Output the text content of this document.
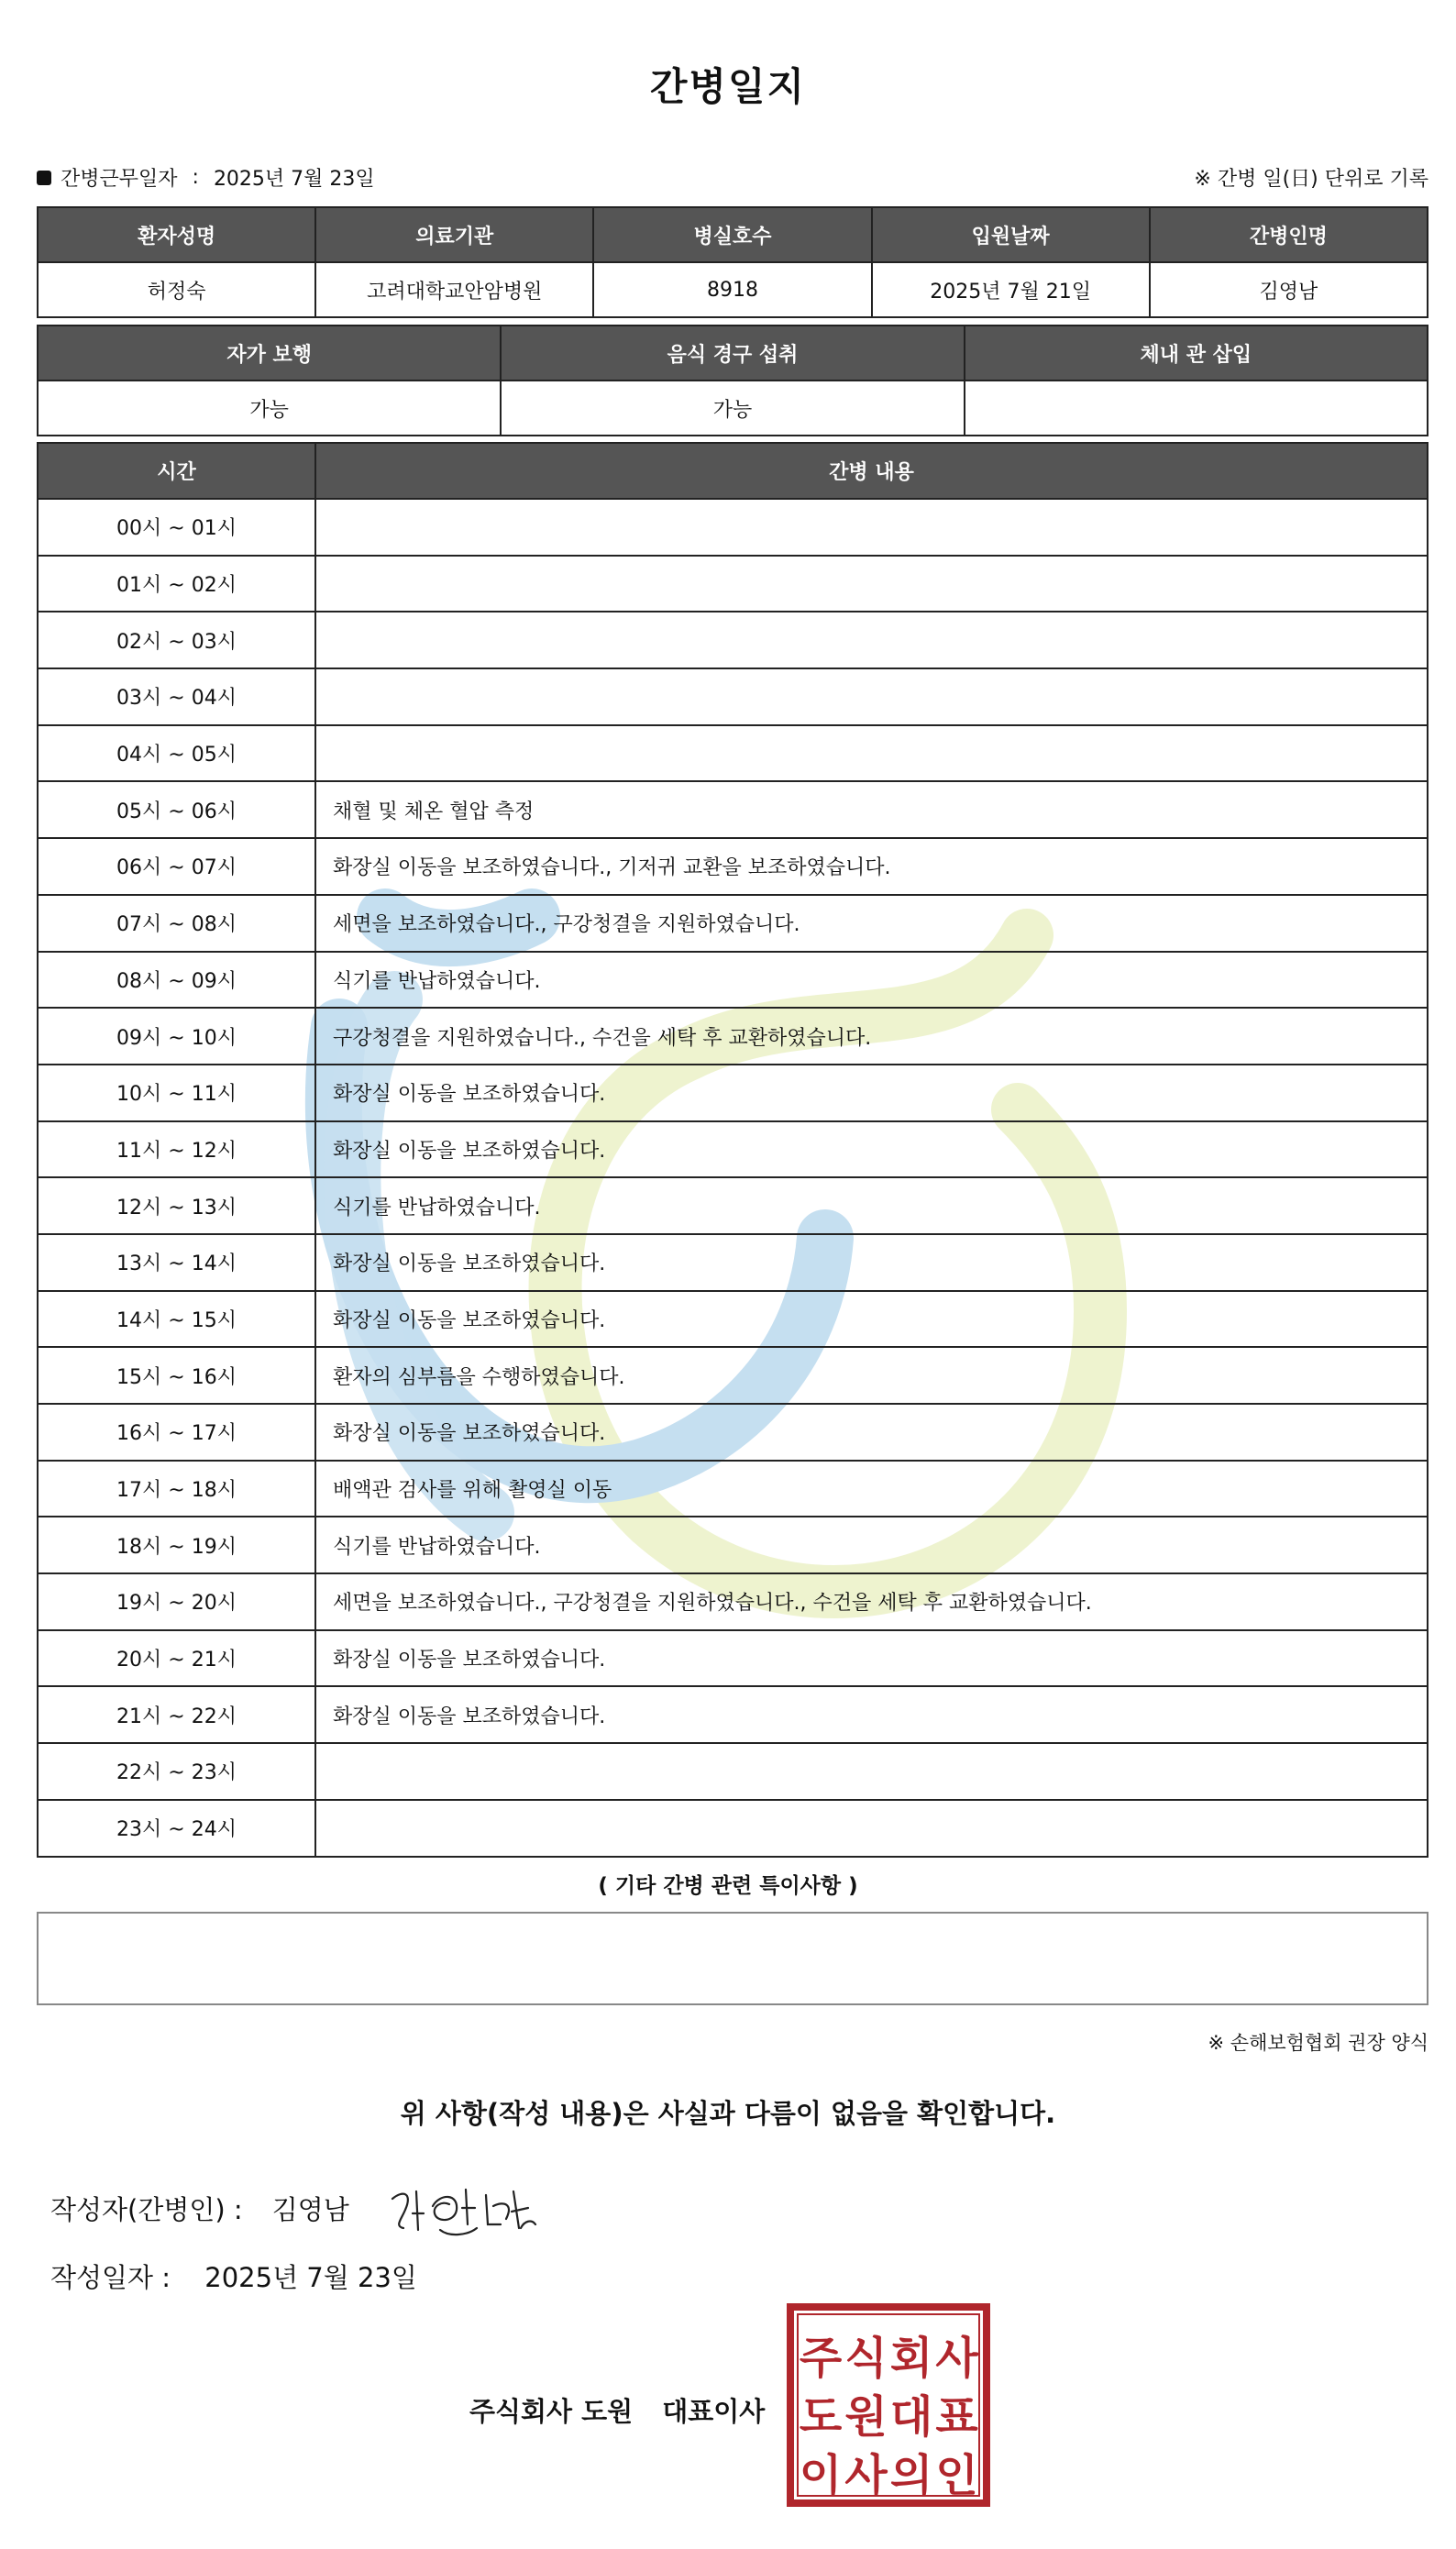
간병일지
간병근무일자 : 2025년 7월 23일	※ 간병 일(日) 단위로 기록
환자성명	의료기관	병실호수	입원날짜	간병인명
허정숙	고려대학교안암병원	8918	2025년 7월 21일	김영남
자가 보행	음식 경구 섭취	체내 관 삽입
가능	가능	
시간	간병 내용
00시 ~ 01시	
01시 ~ 02시	
02시 ~ 03시	
03시 ~ 04시	
04시 ~ 05시	
05시 ~ 06시	채혈 및 체온 혈압 측정
06시 ~ 07시	화장실 이동을 보조하였습니다., 기저귀 교환을 보조하였습니다.
07시 ~ 08시	세면을 보조하였습니다., 구강청결을 지원하였습니다.
08시 ~ 09시	식기를 반납하였습니다.
09시 ~ 10시	구강청결을 지원하였습니다., 수건을 세탁 후 교환하였습니다.
10시 ~ 11시	화장실 이동을 보조하였습니다.
11시 ~ 12시	화장실 이동을 보조하였습니다.
12시 ~ 13시	식기를 반납하였습니다.
13시 ~ 14시	화장실 이동을 보조하였습니다.
14시 ~ 15시	화장실 이동을 보조하였습니다.
15시 ~ 16시	환자의 심부름을 수행하였습니다.
16시 ~ 17시	화장실 이동을 보조하였습니다.
17시 ~ 18시	배액관 검사를 위해 촬영실 이동
18시 ~ 19시	식기를 반납하였습니다.
19시 ~ 20시	세면을 보조하였습니다., 구강청결을 지원하였습니다., 수건을 세탁 후 교환하였습니다.
20시 ~ 21시	화장실 이동을 보조하였습니다.
21시 ~ 22시	화장실 이동을 보조하였습니다.
22시 ~ 23시	
23시 ~ 24시	
( 기타 간병 관련 특이사항 )
※ 손해보험협회 권장 양식
위 사항(작성 내용)은 사실과 다름이 없음을 확인합니다.
작성자(간병인) : 김영남
작성일자 : 2025년 7월 23일
주식회사 도원 대표이사
주 식 회 사
도 원 대 표
이 사 의 인
